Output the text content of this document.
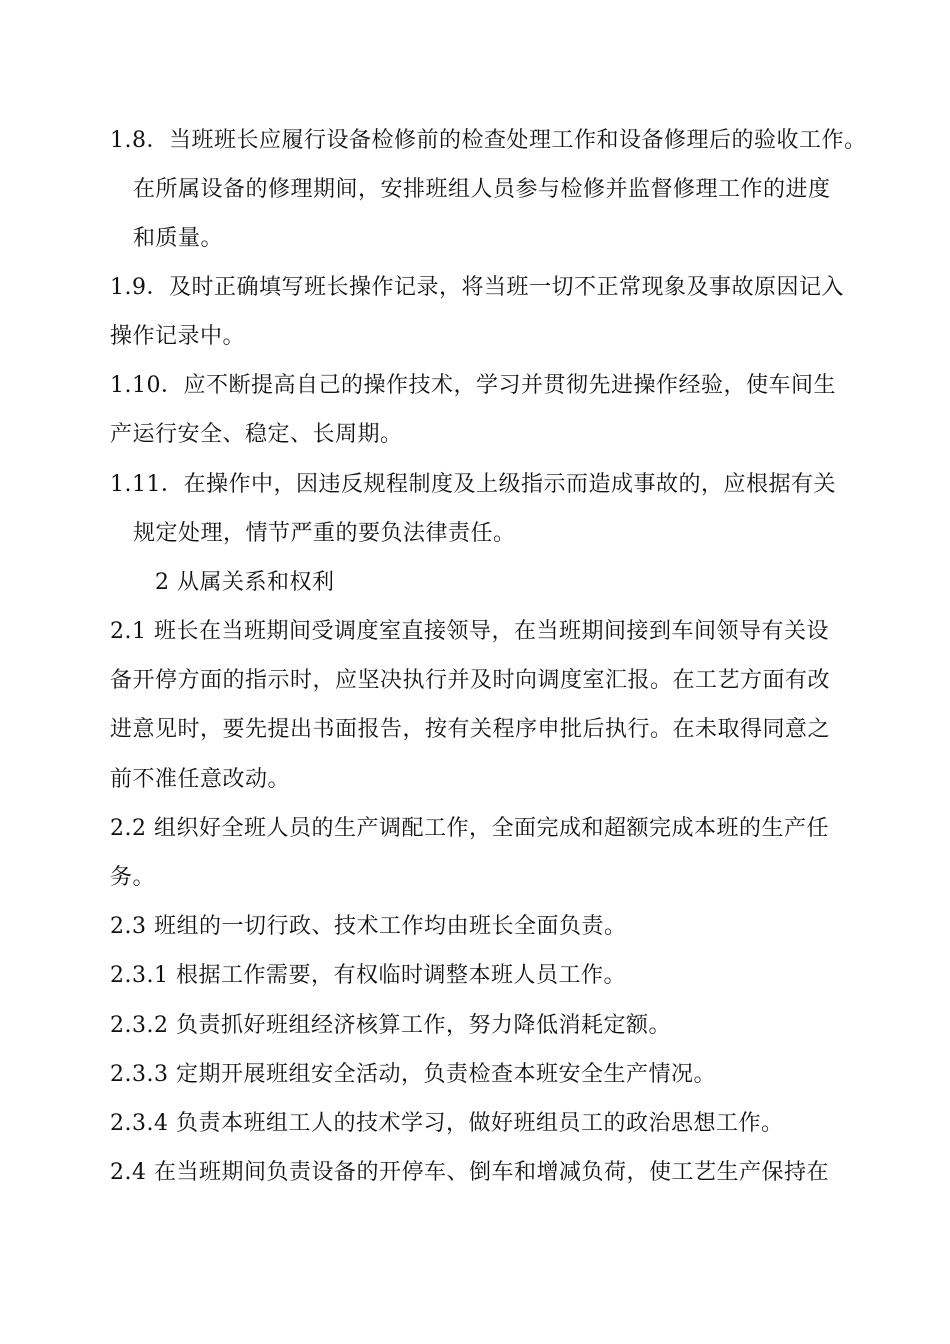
1.8．当班班长应履行设备检修前的检查处理工作和设备修理后的验收工作。

在所属设备的修理期间，安排班组人员参与检修并监督修理工作的进度

和质量。

1.9．及时正确填写班长操作记录，将当班一切不正常现象及事故原因记入

操作记录中。

1.10．应不断提高自己的操作技术，学习并贯彻先进操作经验，使车间生

产运行安全、稳定、长周期。

1.11．在操作中，因违反规程制度及上级指示而造成事故的，应根据有关

规定处理，情节严重的要负法律责任。

2 从属关系和权利

2.1 班长在当班期间受调度室直接领导，在当班期间接到车间领导有关设

备开停方面的指示时，应坚决执行并及时向调度室汇报。在工艺方面有改

进意见时，要先提出书面报告，按有关程序申批后执行。在未取得同意之

前不准任意改动。

2.2 组织好全班人员的生产调配工作，全面完成和超额完成本班的生产任

务。

2.3 班组的一切行政、技术工作均由班长全面负责。

2.3.1 根据工作需要，有权临时调整本班人员工作。

2.3.2 负责抓好班组经济核算工作，努力降低消耗定额。

2.3.3 定期开展班组安全活动，负责检查本班安全生产情况。

2.3.4 负责本班组工人的技术学习，做好班组员工的政治思想工作。

2.4 在当班期间负责设备的开停车、倒车和增减负荷，使工艺生产保持在
